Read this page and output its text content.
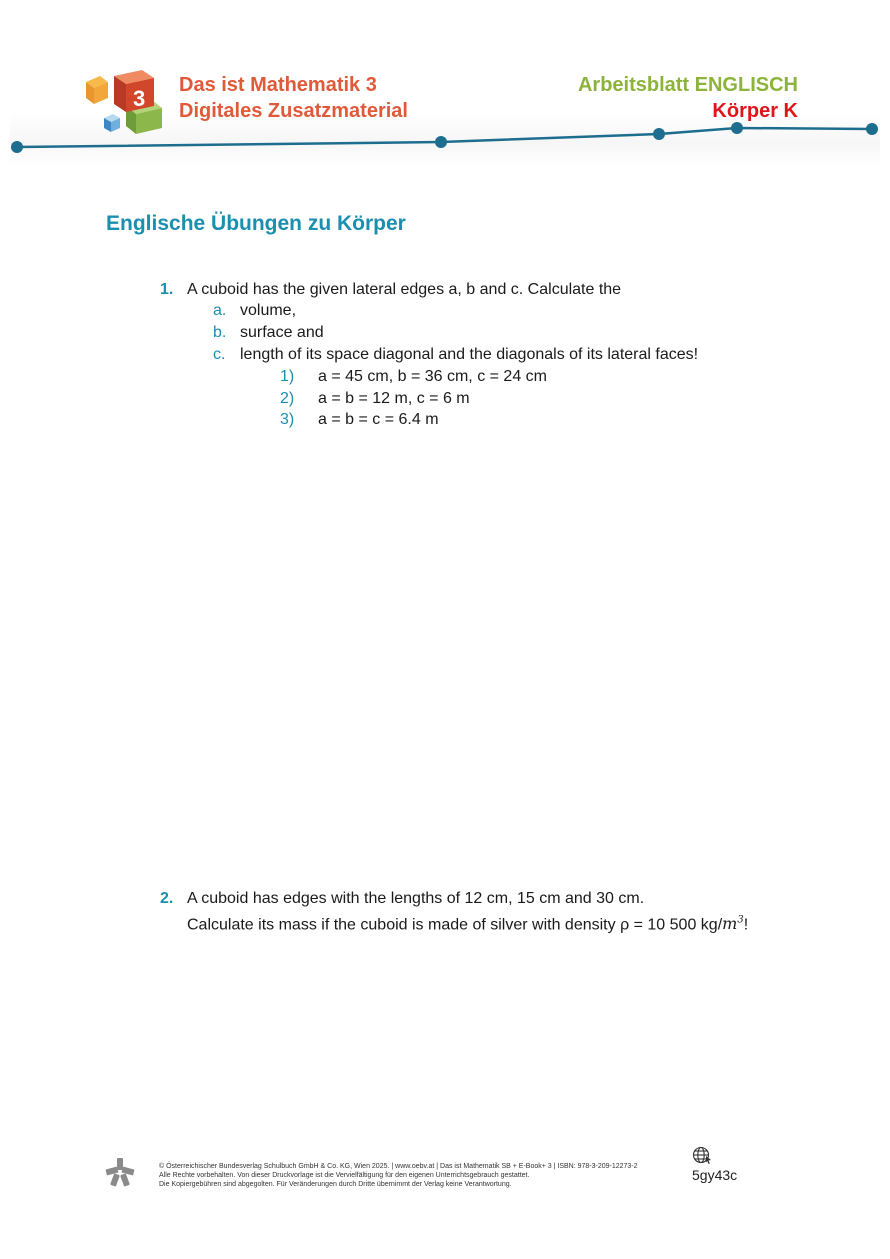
3
Das ist Mathematik 3
Digitales Zusatzmaterial
Arbeitsblatt ENGLISCH
Körper K
Englische Übungen zu Körper
1. A cuboid has the given lateral edges a, b and c. Calculate the
a. volume,
b. surface and
c. length of its space diagonal and the diagonals of its lateral faces!
1) a = 45 cm, b = 36 cm, c = 24 cm
2) a = b = 12 m, c = 6 m
3) a = b = c = 6.4 m
2. A cuboid has edges with the lengths of 12 cm, 15 cm and 30 cm.
Calculate its mass if the cuboid is made of silver with density ρ = 10 500 $kg/m^3$!
© Österreichischer Bundesverlag Schulbuch GmbH & Co. KG, Wien 2025. | www.oebv.at | Das ist Mathematik SB + E-Book+ 3 | ISBN: 978-3-209-12273-2
Alle Rechte vorbehalten. Von dieser Druckvorlage ist die Vervielfältigung für den eigenen Unterrichtsgebrauch gestattet.
Die Kopiergebühren sind abgegolten. Für Veränderungen durch Dritte übernimmt der Verlag keine Verantwortung.
5gy43c
